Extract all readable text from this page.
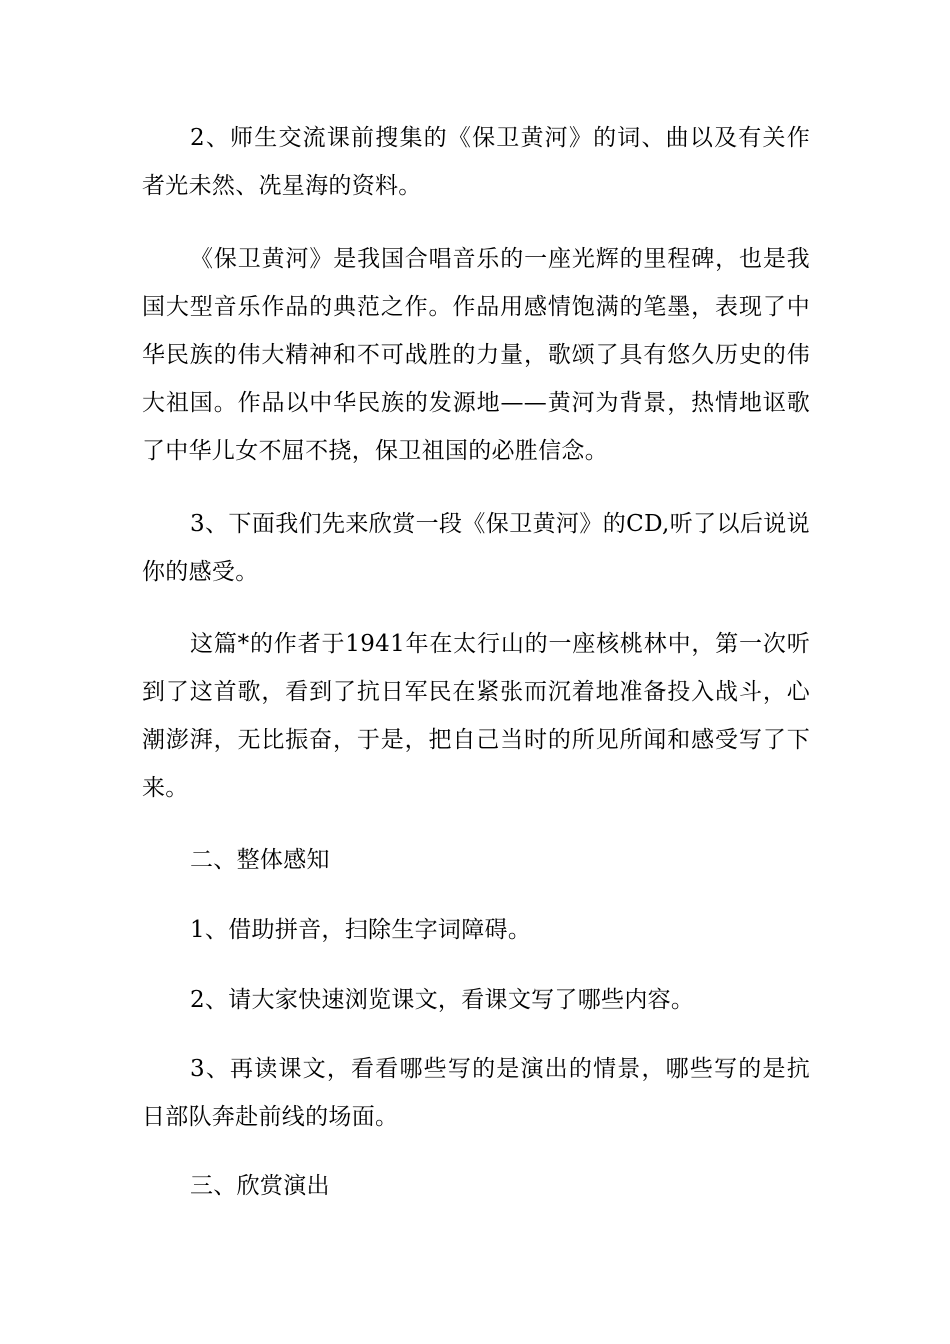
2、师生交流课前搜集的《保卫黄河》的词、曲以及有关作者光未然、冼星海的资料。

《保卫黄河》是我国合唱音乐的一座光辉的里程碑，也是我国大型音乐作品的典范之作。作品用感情饱满的笔墨，表现了中华民族的伟大精神和不可战胜的力量，歌颂了具有悠久历史的伟大祖国。作品以中华民族的发源地——黄河为背景，热情地讴歌了中华儿女不屈不挠，保卫祖国的必胜信念。

3、下面我们先来欣赏一段《保卫黄河》的CD,听了以后说说你的感受。

这篇*的作者于1941年在太行山的一座核桃林中，第一次听到了这首歌，看到了抗日军民在紧张而沉着地准备投入战斗，心潮澎湃，无比振奋，于是，把自己当时的所见所闻和感受写了下来。

二、整体感知

1、借助拼音，扫除生字词障碍。

2、请大家快速浏览课文，看课文写了哪些内容。

3、再读课文，看看哪些写的是演出的情景，哪些写的是抗日部队奔赴前线的场面。

三、欣赏演出
